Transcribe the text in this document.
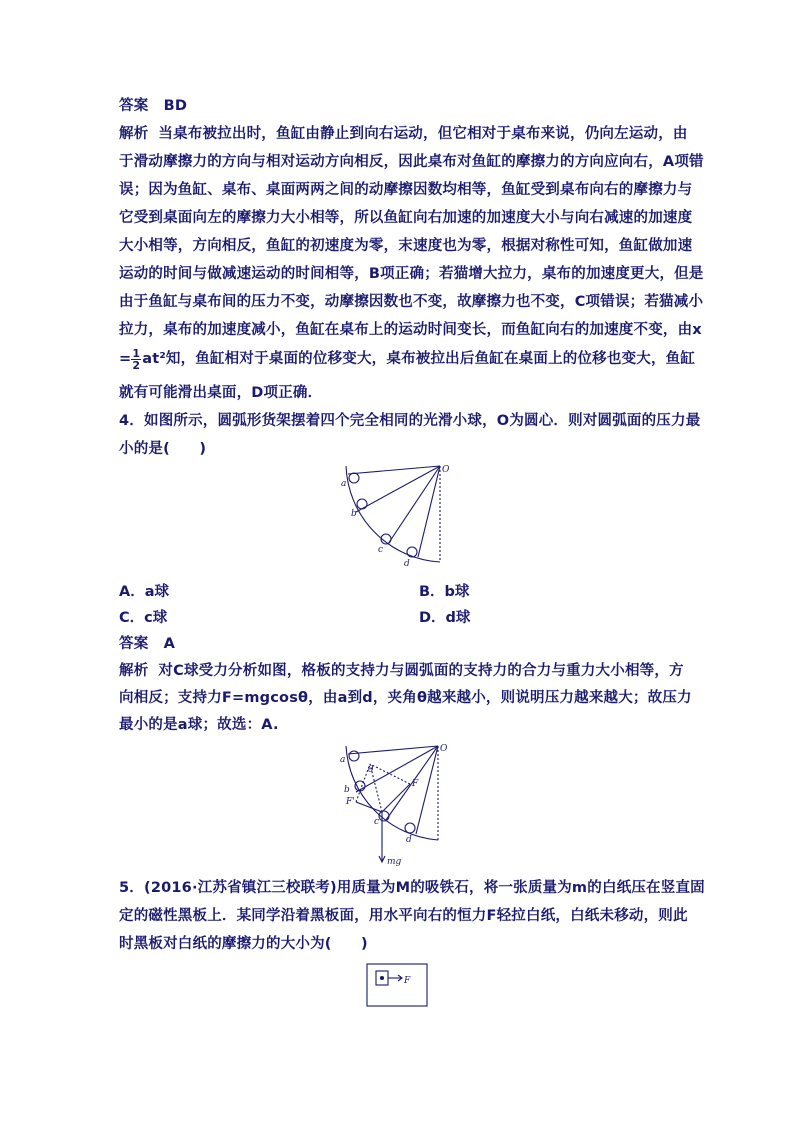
答案 BD
解析 当桌布被拉出时，鱼缸由静止到向右运动，但它相对于桌布来说，仍向左运动，由
于滑动摩擦力的方向与相对运动方向相反，因此桌布对鱼缸的摩擦力的方向应向右，A项错
误；因为鱼缸、桌布、桌面两两之间的动摩擦因数均相等，鱼缸受到桌布向右的摩擦力与
它受到桌面向左的摩擦力大小相等，所以鱼缸向右加速的加速度大小与向右减速的加速度
大小相等，方向相反，鱼缸的初速度为零，末速度也为零，根据对称性可知，鱼缸做加速
运动的时间与做减速运动的时间相等，B项正确；若猫增大拉力，桌布的加速度更大，但是
由于鱼缸与桌布间的压力不变，动摩擦因数也不变，故摩擦力也不变，C项错误；若猫减小
拉力，桌布的加速度减小，鱼缸在桌布上的运动时间变长，而鱼缸向右的加速度不变，由x
= $\frac{1}{2} at^2$知，鱼缸相对于桌面的位移变大，桌布被拉出后鱼缸在桌面上的位移也变大，鱼缸
就有可能滑出桌面，D项正确．
4．如图所示，圆弧形货架摆着四个完全相同的光滑小球，O为圆心．则对圆弧面的压力最
小的是(　　)
O
a
b
c
d
A．a球	B．b球
C．c球	D．d球
答案 A
解析 对C球受力分析如图，格板的支持力与圆弧面的支持力的合力与重力大小相等，方
向相反；支持力F=mgcosθ，由a到d，夹角θ越来越小，则说明压力越来越大；故压力
最小的是a球；故选：A.
O
a
θ
F
b
F'
c
d
mg
5．(2016·江苏省镇江三校联考)用质量为M的吸铁石，将一张质量为m的白纸压在竖直固
定的磁性黑板上．某同学沿着黑板面，用水平向右的恒力F轻拉白纸，白纸未移动，则此
时黑板对白纸的摩擦力的大小为(　　)
F
